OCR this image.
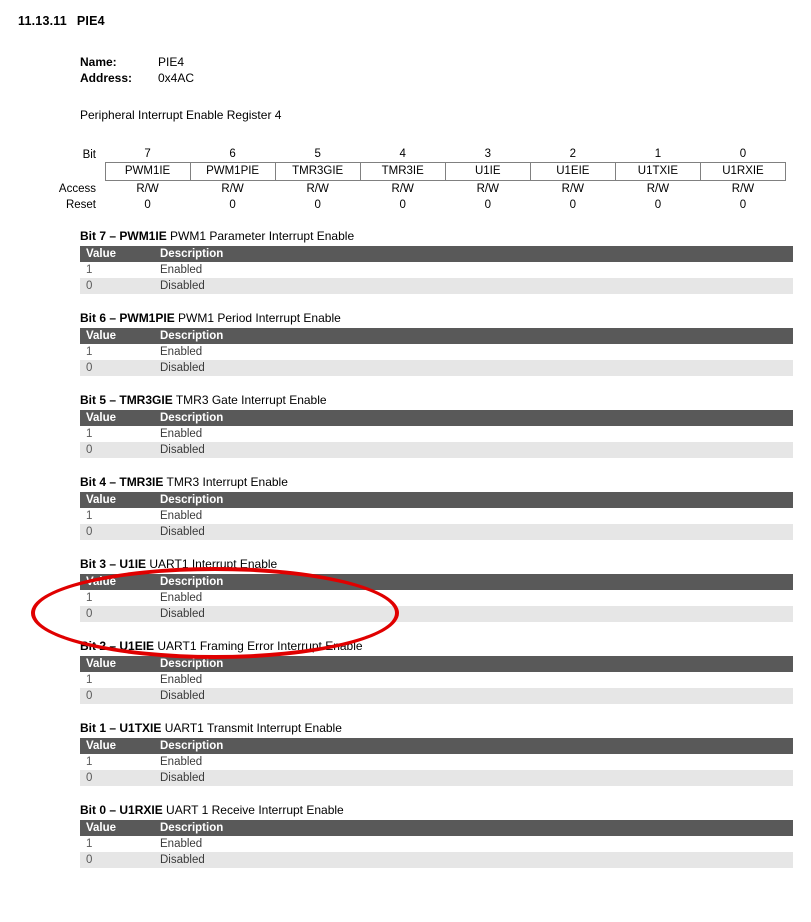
11.13.11 PIE4
Name:	PIE4
Address:	0x4AC
Peripheral Interrupt Enable Register 4
Bit	7	6	5	4	3	2	1	0
	PWM1IE	PWM1PIE	TMR3GIE	TMR3IE	U1IE	U1EIE	U1TXIE	U1RXIE
Access	R/W	R/W	R/W	R/W	R/W	R/W	R/W	R/W
Reset	0	0	0	0	0	0	0	0
Bit 7 – PWM1IE PWM1 Parameter Interrupt Enable
Value	Description
1	Enabled
0	Disabled
Bit 6 – PWM1PIE PWM1 Period Interrupt Enable
Value	Description
1	Enabled
0	Disabled
Bit 5 – TMR3GIE TMR3 Gate Interrupt Enable
Value	Description
1	Enabled
0	Disabled
Bit 4 – TMR3IE TMR3 Interrupt Enable
Value	Description
1	Enabled
0	Disabled
Bit 3 – U1IE UART1 Interrupt Enable
Value	Description
1	Enabled
0	Disabled
Bit 2 – U1EIE UART1 Framing Error Interrupt Enable
Value	Description
1	Enabled
0	Disabled
Bit 1 – U1TXIE UART1 Transmit Interrupt Enable
Value	Description
1	Enabled
0	Disabled
Bit 0 – U1RXIE UART 1 Receive Interrupt Enable
Value	Description
1	Enabled
0	Disabled
